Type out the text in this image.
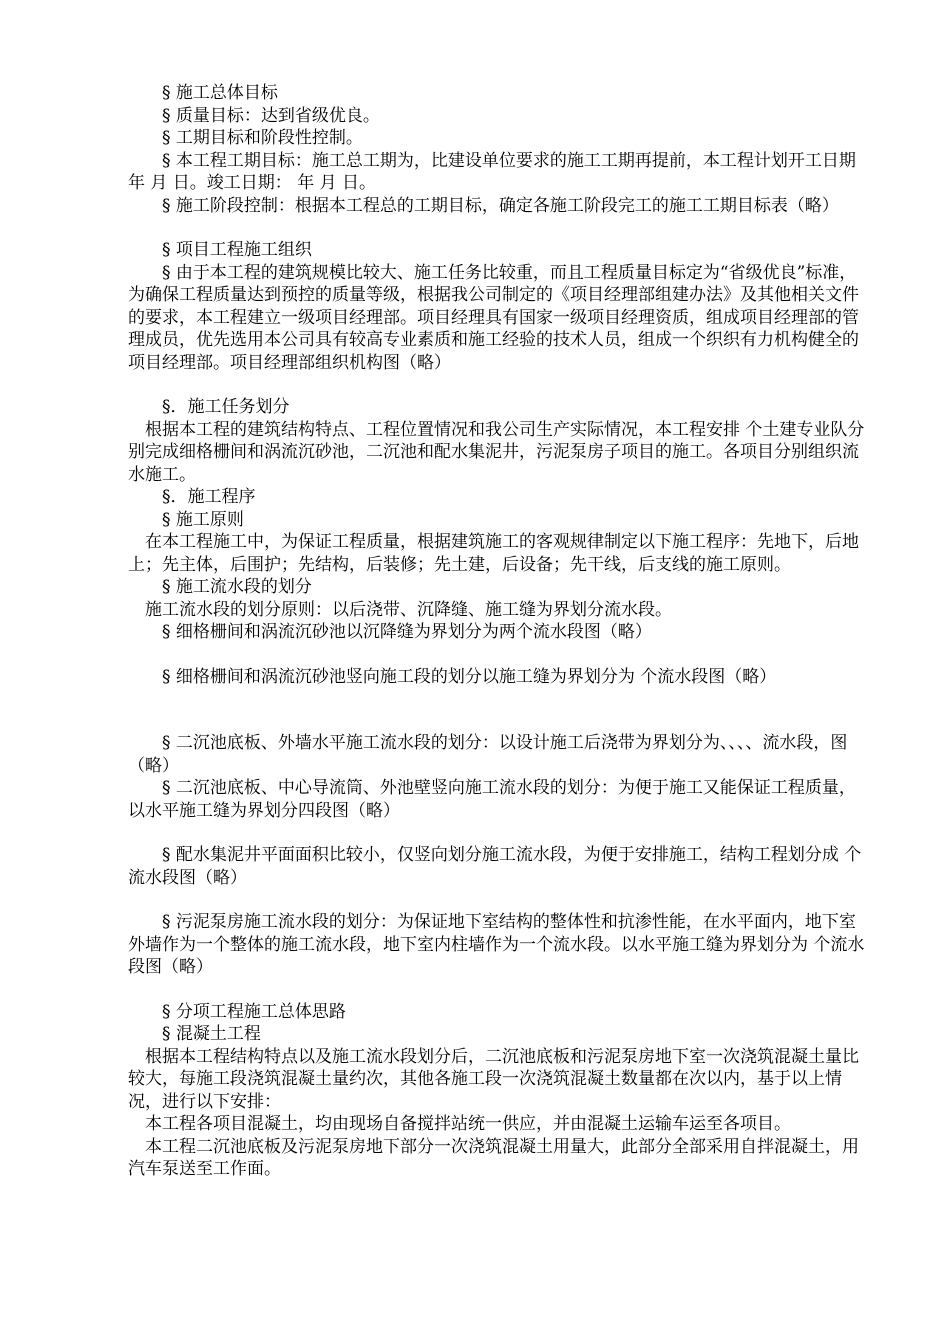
　　§ 施工总体目标

　　§ 质量目标：达到省级优良。

　　§ 工期目标和阶段性控制。

　　§ 本工程工期目标：施工总工期为，比建设单位要求的施工工期再提前，本工程计划开工日期 年 月 日。竣工日期： 年 月 日。

　　§ 施工阶段控制：根据本工程总的工期目标，确定各施工阶段完工的施工工期目标表（略）

　　§ 项目工程施工组织

　　§ 由于本工程的建筑规模比较大、施工任务比较重，而且工程质量目标定为“省级优良”标准，为确保工程质量达到预控的质量等级，根据我公司制定的《项目经理部组建办法》及其他相关文件的要求，本工程建立一级项目经理部。项目经理具有国家一级项目经理资质，组成项目经理部的管理成员，优先选用本公司具有较高专业素质和施工经验的技术人员，组成一个织织有力机构健全的项目经理部。项目经理部组织机构图（略）

　　§．施工任务划分

　根据本工程的建筑结构特点、工程位置情况和我公司生产实际情况，本工程安排 个土建专业队分别完成细格栅间和涡流沉砂池，二沉池和配水集泥井，污泥泵房子项目的施工。各项目分别组织流水施工。

　　§．施工程序

　　§ 施工原则

　在本工程施工中，为保证工程质量，根据建筑施工的客观规律制定以下施工程序：先地下，后地上；先主体，后围护；先结构，后装修；先土建，后设备；先干线，后支线的施工原则。

　　§ 施工流水段的划分

　施工流水段的划分原则：以后浇带、沉降缝、施工缝为界划分流水段。

　　§ 细格栅间和涡流沉砂池以沉降缝为界划分为两个流水段图（略）

　　§ 细格栅间和涡流沉砂池竖向施工段的划分以施工缝为界划分为 个流水段图（略）

　　§ 二沉池底板、外墙水平施工流水段的划分：以设计施工后浇带为界划分为、、、、流水段，图（略）

　　§ 二沉池底板、中心导流筒、外池壁竖向施工流水段的划分：为便于施工又能保证工程质量，以水平施工缝为界划分四段图（略）

　　§ 配水集泥井平面面积比较小，仅竖向划分施工流水段，为便于安排施工，结构工程划分成 个流水段图（略）

　　§ 污泥泵房施工流水段的划分：为保证地下室结构的整体性和抗渗性能，在水平面内，地下室外墙作为一个整体的施工流水段，地下室内柱墙作为一个流水段。以水平施工缝为界划分为 个流水段图（略）

　　§ 分项工程施工总体思路

　　§ 混凝土工程

　根据本工程结构特点以及施工流水段划分后，二沉池底板和污泥泵房地下室一次浇筑混凝土量比较大，每施工段浇筑混凝土量约次，其他各施工段一次浇筑混凝土数量都在次以内，基于以上情况，进行以下安排：

　本工程各项目混凝土，均由现场自备搅拌站统一供应，并由混凝土运输车运至各项目。

　本工程二沉池底板及污泥泵房地下部分一次浇筑混凝土用量大，此部分全部采用自拌混凝土，用汽车泵送至工作面。
